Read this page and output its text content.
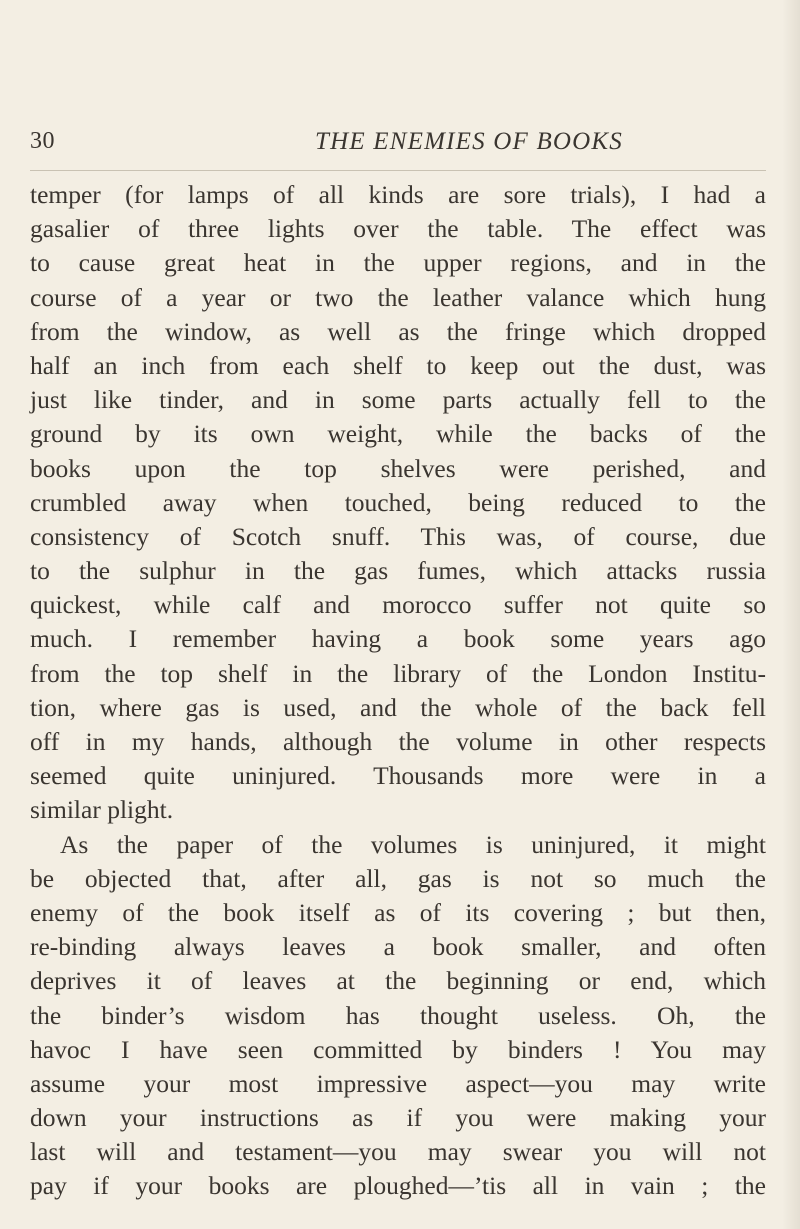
30	THE ENEMIES OF BOOKS
temper (for lamps of all kinds are sore trials), I had a
gasalier of three lights over the table. The effect was
to cause great heat in the upper regions, and in the
course of a year or two the leather valance which hung
from the window, as well as the fringe which dropped
half an inch from each shelf to keep out the dust, was
just like tinder, and in some parts actually fell to the
ground by its own weight, while the backs of the
books upon the top shelves were perished, and
crumbled away when touched, being reduced to the
consistency of Scotch snuff. This was, of course, due
to the sulphur in the gas fumes, which attacks russia
quickest, while calf and morocco suffer not quite so
much. I remember having a book some years ago
from the top shelf in the library of the London Institu-
tion, where gas is used, and the whole of the back fell
off in my hands, although the volume in other respects
seemed quite uninjured. Thousands more were in a
similar plight.
As the paper of the volumes is uninjured, it might
be objected that, after all, gas is not so much the
enemy of the book itself as of its covering ; but then,
re-binding always leaves a book smaller, and often
deprives it of leaves at the beginning or end, which
the binder’s wisdom has thought useless. Oh, the
havoc I have seen committed by binders ! You may
assume your most impressive aspect—you may write
down your instructions as if you were making your
last will and testament—you may swear you will not
pay if your books are ploughed—’tis all in vain ; the
